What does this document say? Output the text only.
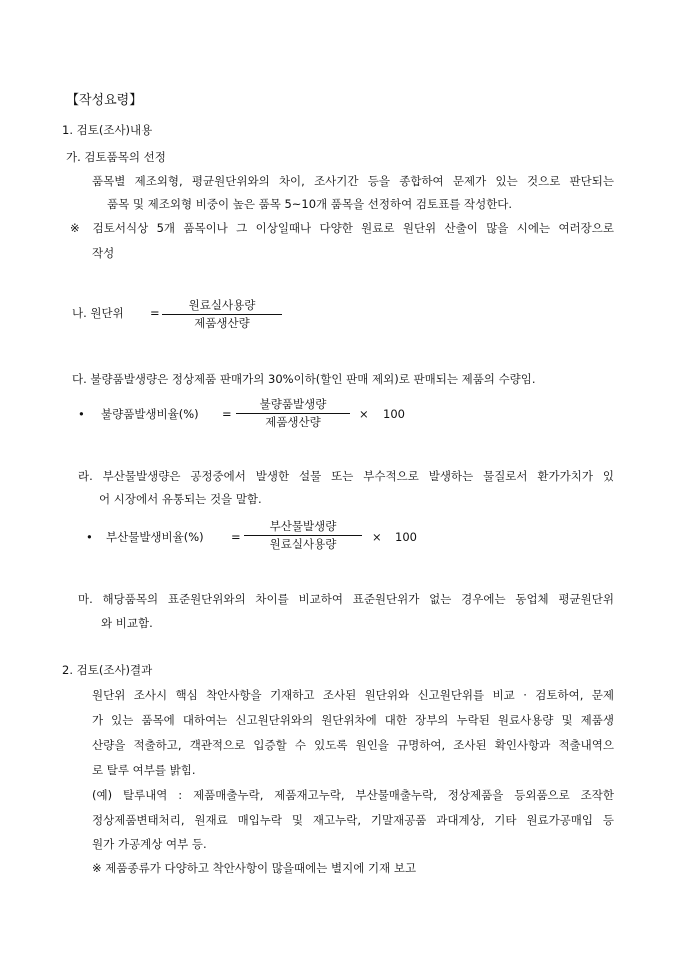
【작성요령】
1. 검토(조사)내용
가. 검토품목의 선정
품목별 제조외형, 평균원단위와의 차이, 조사기간 등을 종합하여 문제가 있는 것으로 판단되는
품목 및 제조외형 비중이 높은 품목 5~10개 품목을 선정하여 검토표를 작성한다.
※ 검토서식상 5개 품목이나 그 이상일때나 다양한 원료로 원단위 산출이 많을 시에는 여러장으로
작성
나. 원단위 =
원료실사용량
제품생산량
다. 불량품발생량은 정상제품 판매가의 30%이하(할인 판매 제외)로 판매되는 제품의 수량임.
• 불량품발생비율(%) =
불량품발생량
제품생산량
× 100
라. 부산물발생량은 공정중에서 발생한 설물 또는 부수적으로 발생하는 물질로서 환가가치가 있
어 시장에서 유통되는 것을 말함.
• 부산물발생비율(%) =
부산물발생량
원료실사용량	× 100
마. 해당품목의 표준원단위와의 차이를 비교하여 표준원단위가 없는 경우에는 동업체 평균원단위
와 비교함.
2. 검토(조사)결과
원단위 조사시 핵심 착안사항을 기재하고 조사된 원단위와 신고원단위를 비교 · 검토하여, 문제
가 있는 품목에 대하여는 신고원단위와의 원단위차에 대한 장부의 누락된 원료사용량 및 제품생
산량을 적출하고, 객관적으로 입증할 수 있도록 원인을 규명하여, 조사된 확인사항과 적출내역으
로 탈루 여부를 밝힘.
(예) 탈루내역 : 제품매출누락, 제품재고누락, 부산물매출누락, 정상제품을 등외품으로 조작한
정상제품변태처리, 원재료 매입누락 및 재고누락, 기말재공품 과대계상, 기타 원료가공매입 등
원가 가공계상 여부 등.
※ 제품종류가 다양하고 착안사항이 많을때에는 별지에 기재 보고
